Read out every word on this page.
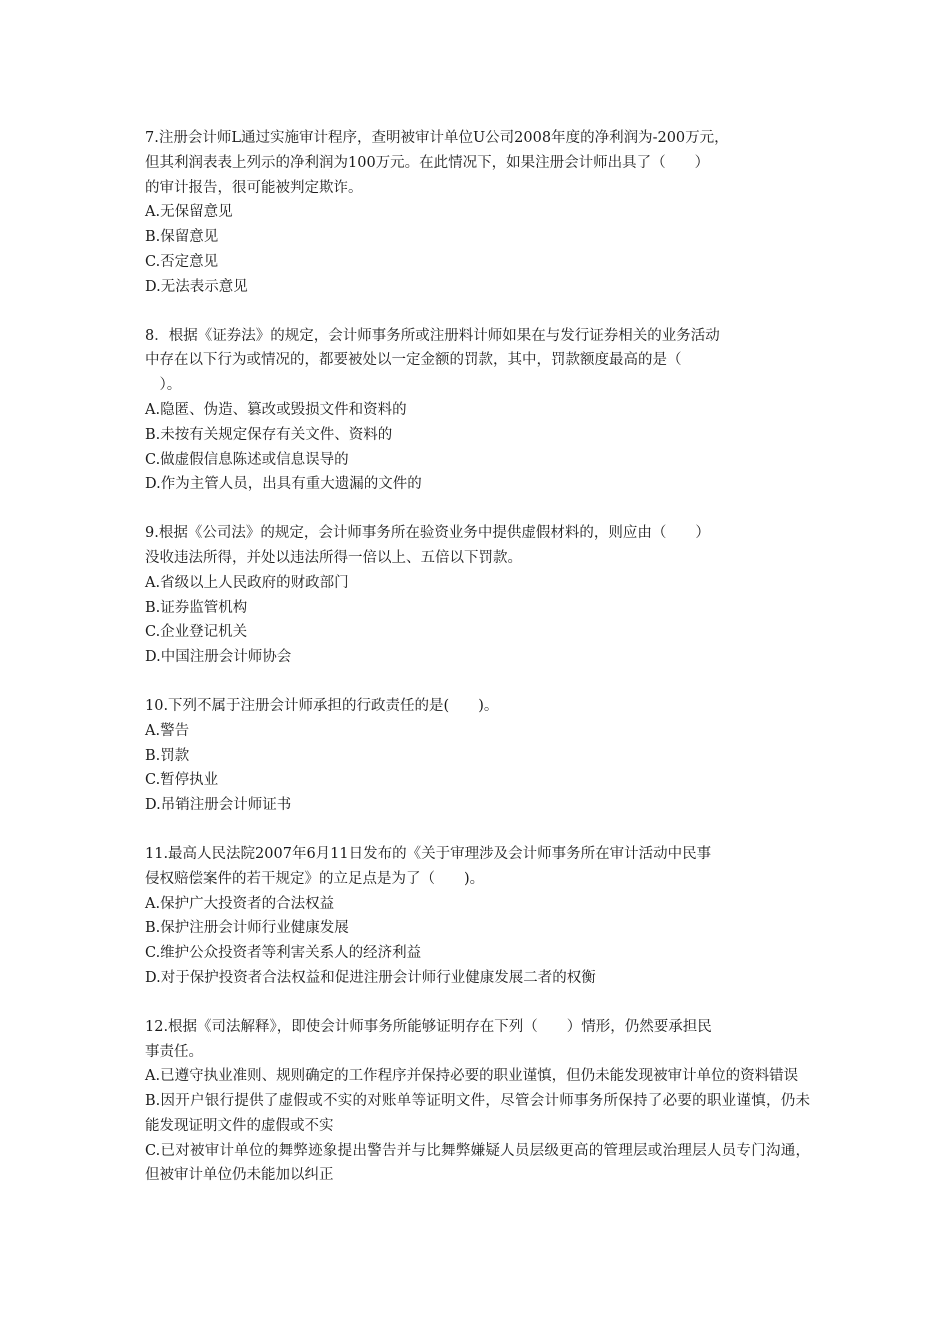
7.注册会计师L通过实施审计程序，查明被审计单位U公司2008年度的净利润为-200万元，
但其利润表表上列示的净利润为100万元。在此情况下，如果注册会计师出具了（　　）
的审计报告，很可能被判定欺诈。
A.无保留意见
B.保留意见
C.否定意见
D.无法表示意见
8．根据《证券法》的规定，会计师事务所或注册料计师如果在与发行证券相关的业务活动
中存在以下行为或情况的，都要被处以一定金额的罚款，其中，罚款额度最高的是（
　）。
A.隐匿、伪造、篡改或毁损文件和资料的
B.未按有关规定保存有关文件、资料的
C.做虚假信息陈述或信息误导的
D.作为主管人员，出具有重大遗漏的文件的
9.根据《公司法》的规定，会计师事务所在验资业务中提供虚假材料的，则应由（　　）
没收违法所得，并处以违法所得一倍以上、五倍以下罚款。
A.省级以上人民政府的财政部门
B.证券监管机构
C.企业登记机关
D.中国注册会计师协会
10.下列不属于注册会计师承担的行政责任的是(　　)。
A.警告
B.罚款
C.暂停执业
D.吊销注册会计师证书
11.最高人民法院2007年6月11日发布的《关于审理涉及会计师事务所在审计活动中民事
侵权赔偿案件的若干规定》的立足点是为了（　　)。
A.保护广大投资者的合法权益
B.保护注册会计师行业健康发展
C.维护公众投资者等利害关系人的经济利益
D.对于保护投资者合法权益和促进注册会计师行业健康发展二者的权衡
12.根据《司法解释》，即使会计师事务所能够证明存在下列（　　）情形，仍然要承担民
事责任。
A.已遵守执业准则、规则确定的工作程序并保持必要的职业谨慎，但仍未能发现被审计单位的资料错误
B.因开户银行提供了虚假或不实的对账单等证明文件，尽管会计师事务所保持了必要的职业谨慎，仍未能发现证明文件的虚假或不实
C.已对被审计单位的舞弊迹象提出警告并与比舞弊嫌疑人员层级更高的管理层或治理层人员专门沟通，但被审计单位仍未能加以纠正
